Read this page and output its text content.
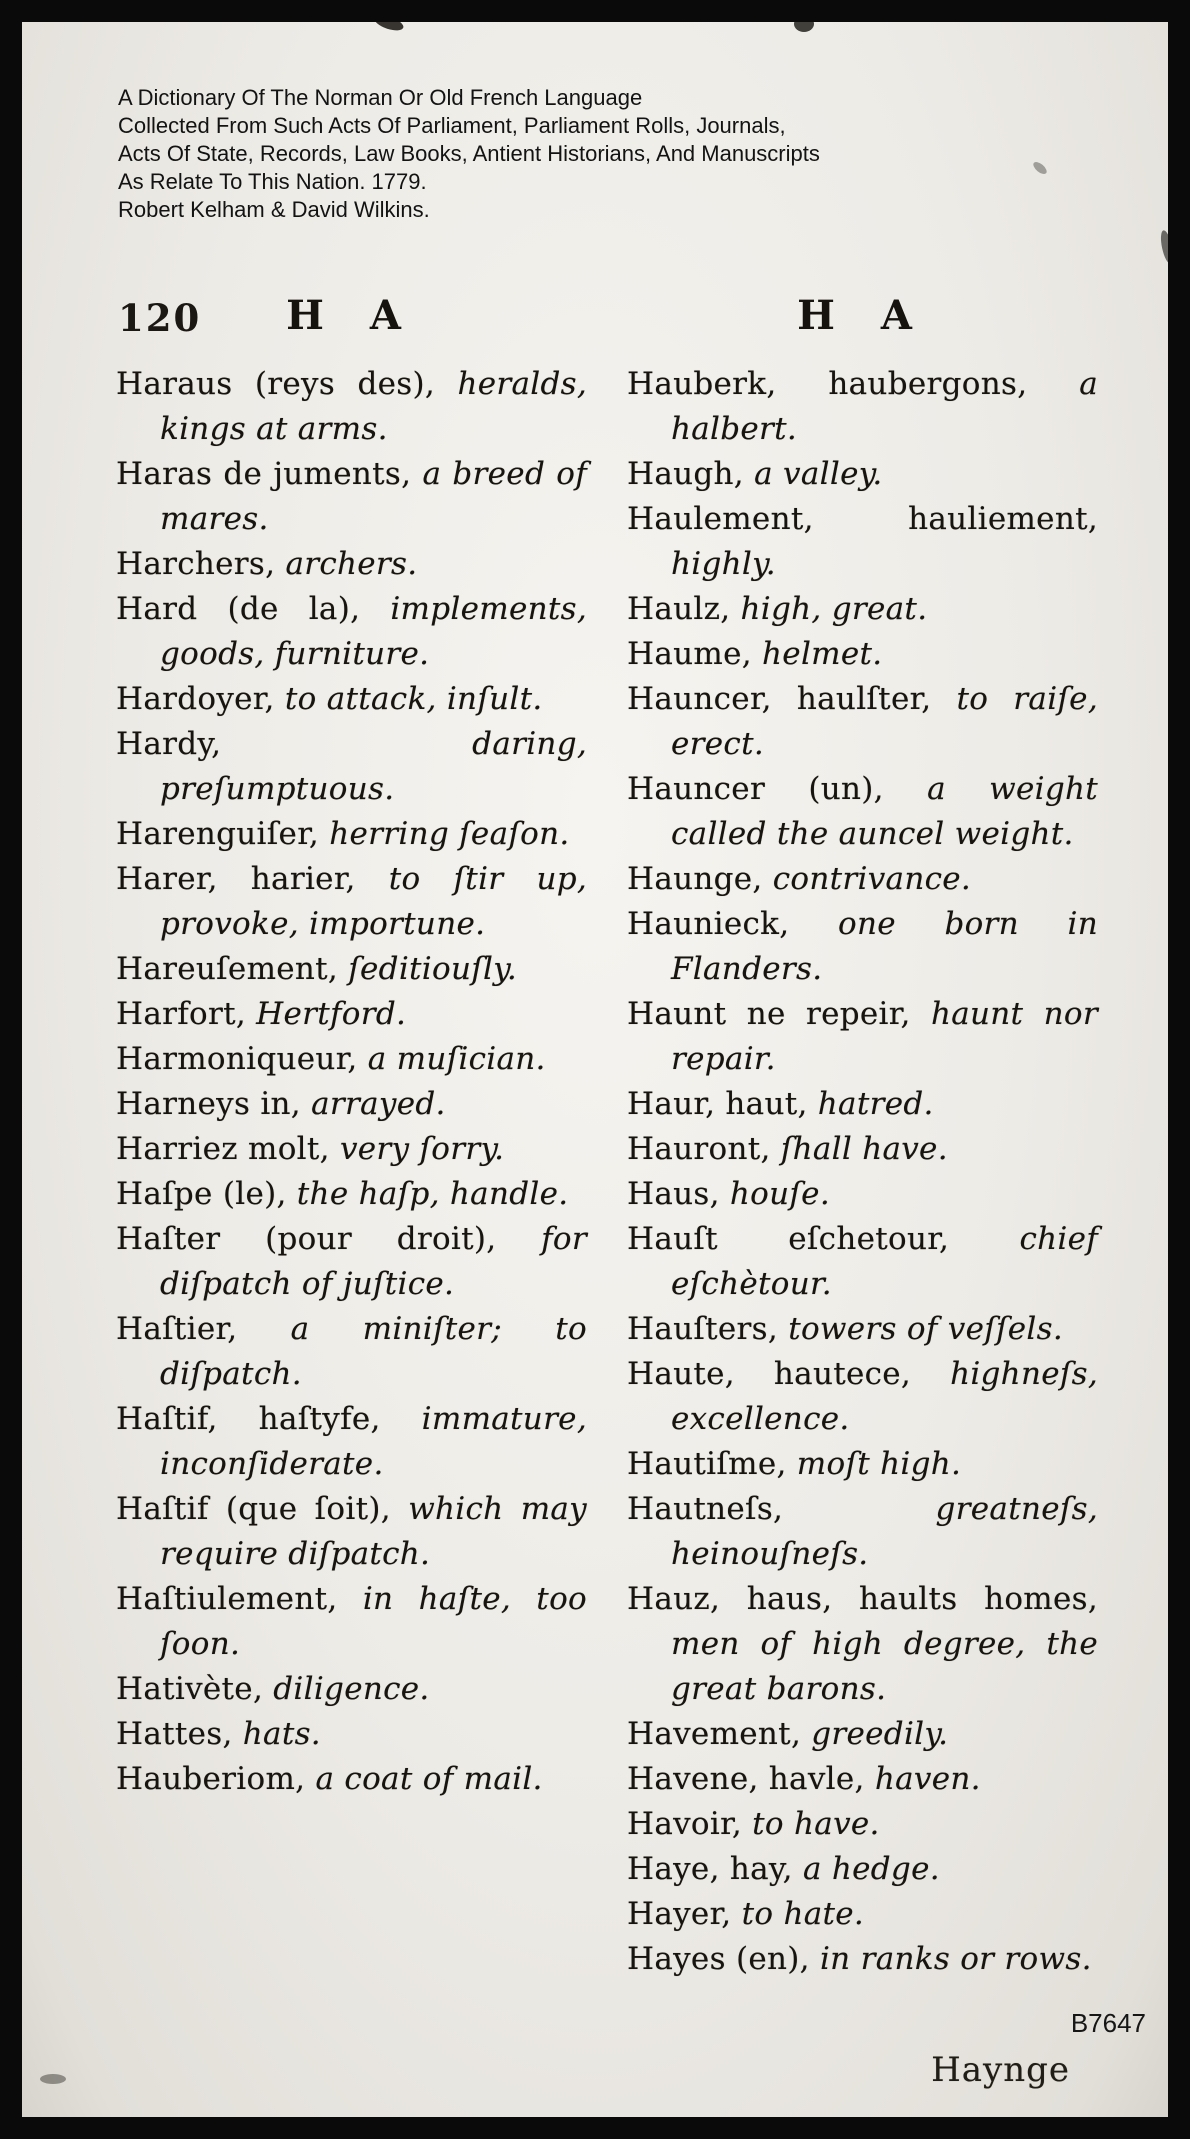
A Dictionary Of The Norman Or Old French Language
Collected From Such Acts Of Parliament, Parliament Rolls, Journals,
Acts Of State, Records, Law Books, Antient Historians, And Manuscripts
As Relate To This Nation. 1779.
Robert Kelham & David Wilkins.
120 H A

Haraus (reys des), heralds, kings at arms.

Haras de juments, a breed of mares.

Harchers, archers.

Hard (de la), implements, goods, furniture.

Hardoyer, to attack, inſult.

Hardy,	daring, preſumptuous.

Harenguiſer, herring ſeaſon.

Harer, harier, to ſtir up, provoke, importune.

Hareuſement, ſeditiouſly.

Harfort, Hertford.

Harmoniqueur, a muſician.

Harneys in, arrayed.

Harriez molt, very ſorry.

Haſpe (le), the haſp, handle.

Haſter (pour droit), for diſpatch of juſtice.

Haſtier, a miniſter; to diſpatch.

Haſtif, haſtyfe, immature, inconſiderate.

Haſtif (que ſoit), which may require diſpatch.

Haſtiulement, in haſte, too ſoon.

Hativète, diligence.

Hattes, hats.

Hauberiom, a coat of mail.

H A

Hauberk, haubergons, a halbert.

Haugh, a valley.

Haulement, hauliement, highly.

Haulz, high, great.

Haume, helmet.

Hauncer, haulſter, to raiſe, erect.

Hauncer (un), a weight called the auncel weight.

Haunge, contrivance.

Haunieck, one born in Flanders.

Haunt ne repeir, haunt nor repair.

Haur, haut, hatred.

Hauront, ſhall have.

Haus, houſe.

Hauſt eſchetour, chief eſchètour.

Hauſters, towers of veſſels.

Haute, hautece, highneſs, excellence.

Hautiſme, moſt high.

Hautneſs,	greatneſs, heinouſneſs.

Hauz, haus, haults homes, men of high degree, the great barons.

Havement, greedily.

Havene, havle, haven.

Havoir, to have.

Haye, hay, a hedge.

Hayer, to hate.

Hayes (en), in ranks or rows.

B7647
Haynge
